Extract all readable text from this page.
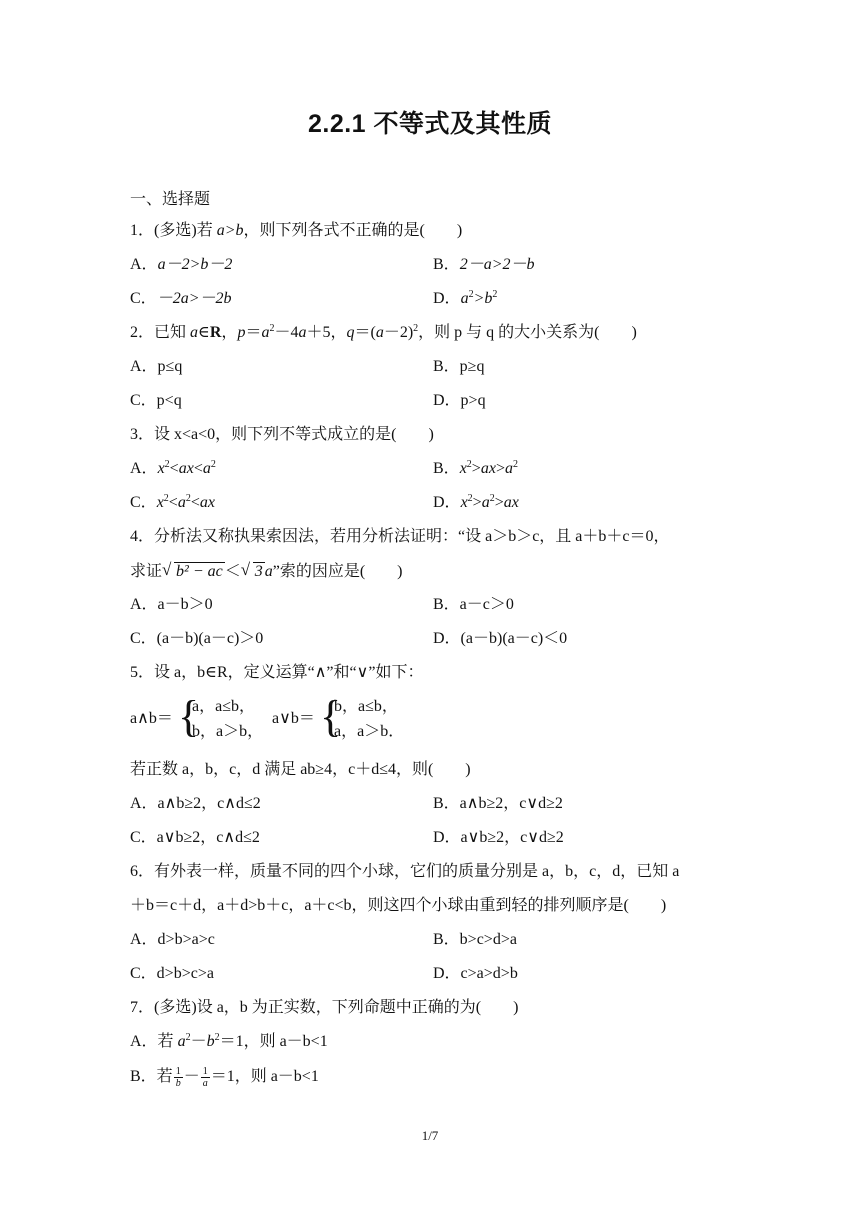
2.2.1 不等式及其性质
一、选择题
1．(多选)若 a>b，则下列各式不正确的是(　　)
A．a－2>b－2	B．2－a>2－b
C．－2a>－2b	D．$a^2>b^2$
2．已知 a∈R，$p=a^2-4a+5$，$q=(a-2)^2$，则 p 与 q 的大小关系为(　　)
A．p≤q	B．p≥q
C．p<q	D．p>q
3．设 x<a<0，则下列不等式成立的是(　　)
A．$x^2<ax<a^2$	B．$x^2>ax>a^2$
C．$x^2<a^2<ax$	D．$x^2>a^2>ax$
4．分析法又称执果索因法，若用分析法证明：“设 a＞b＞c，且 a＋b＋c＝0，
求证 √ b² − ac ＜ √ 3 a”索的因应是(　　)
A．a－b＞0	B．a－c＞0
C．(a－b)(a－c)＞0	D．(a－b)(a－c)＜0
5．设 a，b∈R，定义运算“∧”和“∨”如下：
a∧b＝ {
a，a≤b，
b，a＞b，
a∨b＝ {
b，a≤b，
a，a＞b．
若正数 a，b，c，d 满足 ab≥4，c＋d≤4，则(　　)
A．a∧b≥2，c∧d≤2	B．a∧b≥2，c∨d≥2
C．a∨b≥2，c∧d≤2	D．a∨b≥2，c∨d≥2
6．有外表一样，质量不同的四个小球，它们的质量分别是 a，b，c，d，已知 a
＋b＝c＋d，a＋d>b＋c，a＋c<b，则这四个小球由重到轻的排列顺序是(　　)
A．d>b>a>c	B．b>c>d>a
C．d>b>c>a	D．c>a>d>b
7．(多选)设 a，b 为正实数，下列命题中正确的为(　　)
A．若 $a^2-b^2=1$，则 a－b<1
B．若 $\frac{1}{b} - \frac{1}{a} =1$，则 a－b<1
1/7
